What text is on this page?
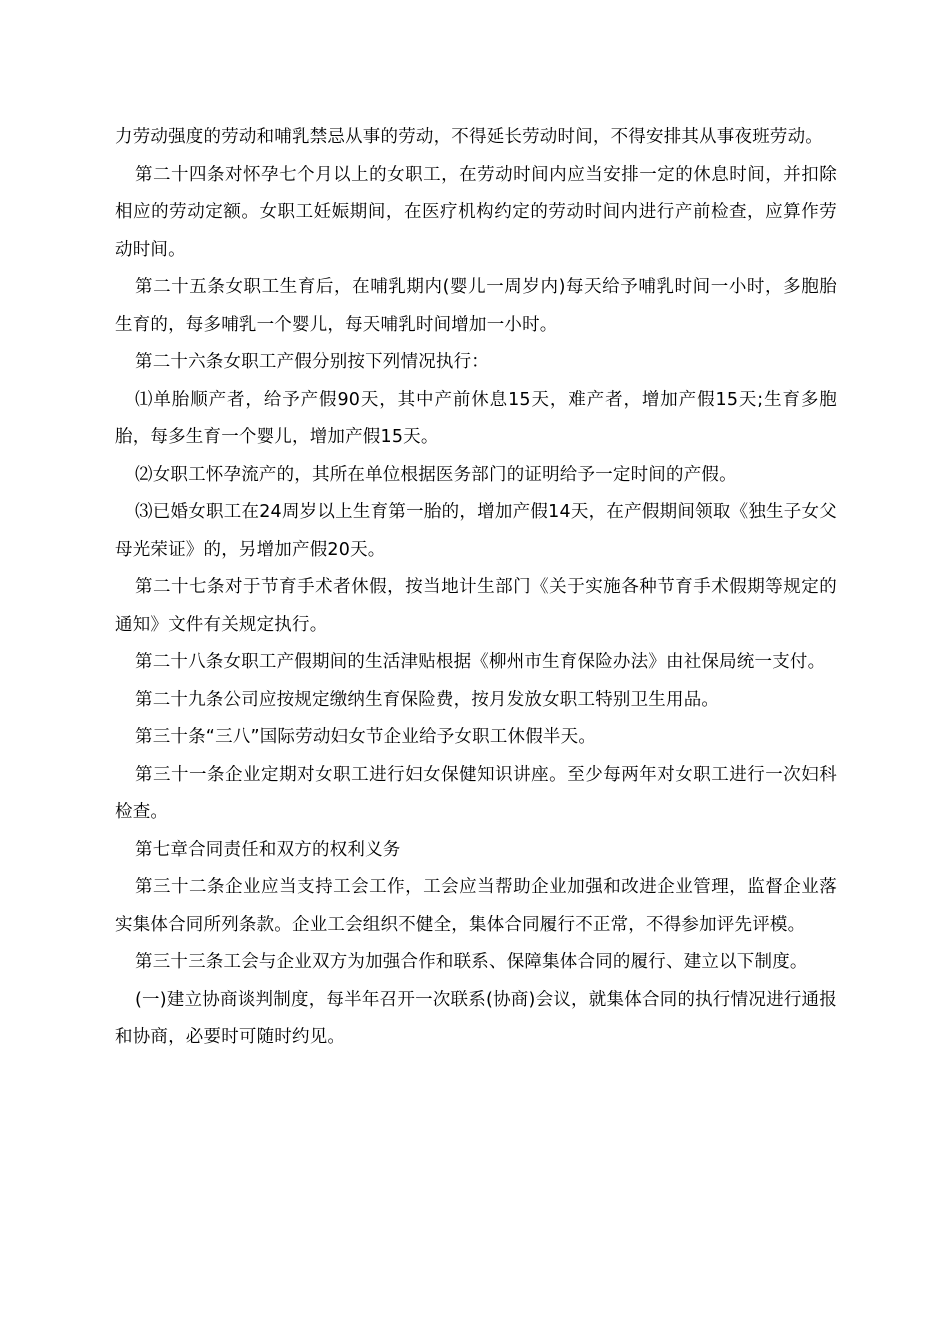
力劳动强度的劳动和哺乳禁忌从事的劳动，不得延长劳动时间，不得安排其从事夜班劳动。

第二十四条对怀孕七个月以上的女职工，在劳动时间内应当安排一定的休息时间，并扣除相应的劳动定额。女职工妊娠期间，在医疗机构约定的劳动时间内进行产前检查，应算作劳动时间。

第二十五条女职工生育后，在哺乳期内(婴儿一周岁内)每天给予哺乳时间一小时，多胞胎生育的，每多哺乳一个婴儿，每天哺乳时间增加一小时。

第二十六条女职工产假分别按下列情况执行：

⑴单胎顺产者，给予产假90天，其中产前休息15天，难产者，增加产假15天;生育多胞胎，每多生育一个婴儿，增加产假15天。

⑵女职工怀孕流产的，其所在单位根据医务部门的证明给予一定时间的产假。

⑶已婚女职工在24周岁以上生育第一胎的，增加产假14天，在产假期间领取《独生子女父母光荣证》的，另增加产假20天。

第二十七条对于节育手术者休假，按当地计生部门《关于实施各种节育手术假期等规定的通知》文件有关规定执行。

第二十八条女职工产假期间的生活津贴根据《柳州市生育保险办法》由社保局统一支付。

第二十九条公司应按规定缴纳生育保险费，按月发放女职工特别卫生用品。

第三十条“三八”国际劳动妇女节企业给予女职工休假半天。

第三十一条企业定期对女职工进行妇女保健知识讲座。至少每两年对女职工进行一次妇科检查。

第七章合同责任和双方的权利义务

第三十二条企业应当支持工会工作，工会应当帮助企业加强和改进企业管理，监督企业落实集体合同所列条款。企业工会组织不健全，集体合同履行不正常，不得参加评先评模。

第三十三条工会与企业双方为加强合作和联系、保障集体合同的履行、建立以下制度。

(一)建立协商谈判制度，每半年召开一次联系(协商)会议，就集体合同的执行情况进行通报和协商，必要时可随时约见。
